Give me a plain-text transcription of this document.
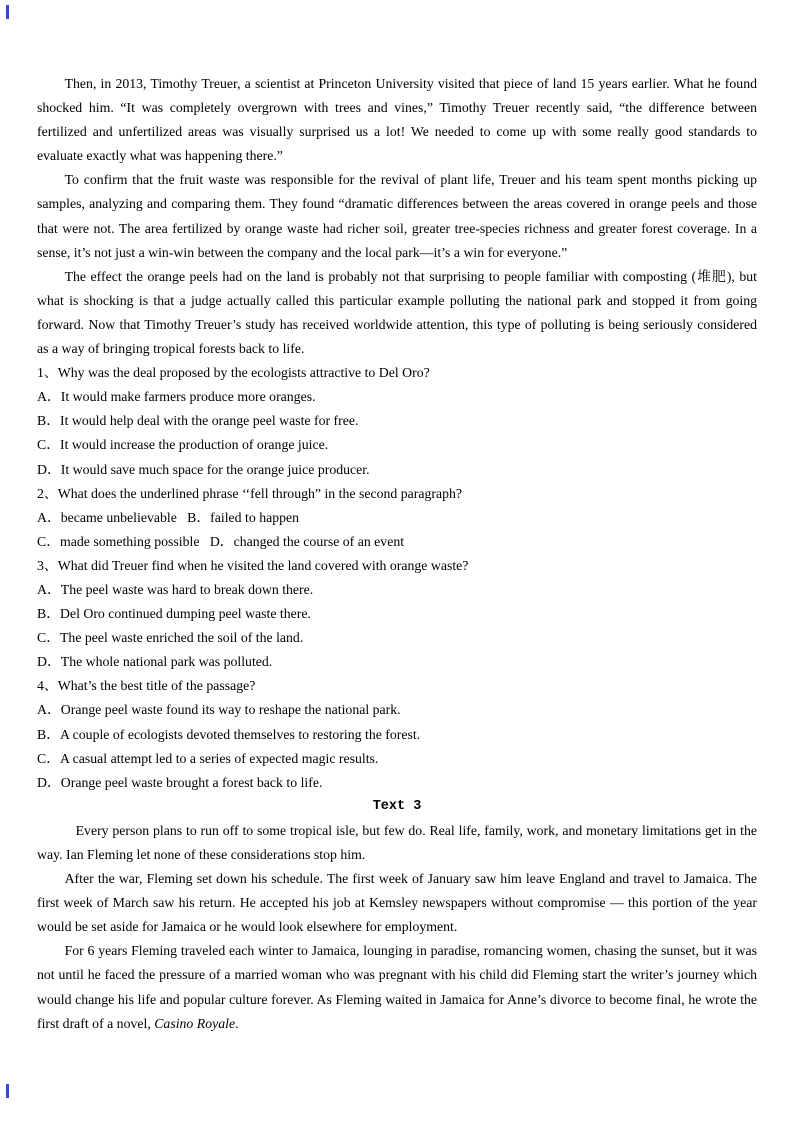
Then, in 2013, Timothy Treuer, a scientist at Princeton University visited that piece of land 15 years earlier. What he found shocked him. “It was completely overgrown with trees and vines,” Timothy Treuer recently said, “the difference between fertilized and unfertilized areas was visually surprised us a lot! We needed to come up with some really good standards to evaluate exactly what was happening there.”

To confirm that the fruit waste was responsible for the revival of plant life, Treuer and his team spent months picking up samples, analyzing and comparing them. They found “dramatic differences between the areas covered in orange peels and those that were not. The area fertilized by orange waste had richer soil, greater tree-species richness and greater forest coverage. In a sense, it’s not just a win-win between the company and the local park—it’s a win for everyone.”

The effect the orange peels had on the land is probably not that surprising to people familiar with composting (堆肥), but what is shocking is that a judge actually called this particular example polluting the national park and stopped it from going forward. Now that Timothy Treuer’s study has received worldwide attention, this type of polluting is being seriously considered as a way of bringing tropical forests back to life.

1、Why was the deal proposed by the ecologists attractive to Del Oro?
A．It would make farmers produce more oranges.
B．It would help deal with the orange peel waste for free.
C．It would increase the production of orange juice.
D．It would save much space for the orange juice producer.
2、What does the underlined phrase ‘‘fell through” in the second paragraph?
A．became unbelievable   B．failed to happen
C．made something possible   D．changed the course of an event
3、What did Treuer find when he visited the land covered with orange waste?
A．The peel waste was hard to break down there.
B．Del Oro continued dumping peel waste there.
C．The peel waste enriched the soil of the land.
D．The whole national park was polluted.
4、What’s the best title of the passage?
A．Orange peel waste found its way to reshape the national park.
B．A couple of ecologists devoted themselves to restoring the forest.
C．A casual attempt led to a series of expected magic results.
D．Orange peel waste brought a forest back to life.
Text 3

Every person plans to run off to some tropical isle, but few do. Real life, family, work, and monetary limitations get in the way. Ian Fleming let none of these considerations stop him.

After the war, Fleming set down his schedule. The first week of January saw him leave England and travel to Jamaica. The first week of March saw his return. He accepted his job at Kemsley newspapers without compromise — this portion of the year would be set aside for Jamaica or he would look elsewhere for employment.

For 6 years Fleming traveled each winter to Jamaica, lounging in paradise, romancing women, chasing the sunset, but it was not until he faced the pressure of a married woman who was pregnant with his child did Fleming start the writer’s journey which would change his life and popular culture forever. As Fleming waited in Jamaica for Anne’s divorce to become final, he wrote the first draft of a novel, Casino Royale.
